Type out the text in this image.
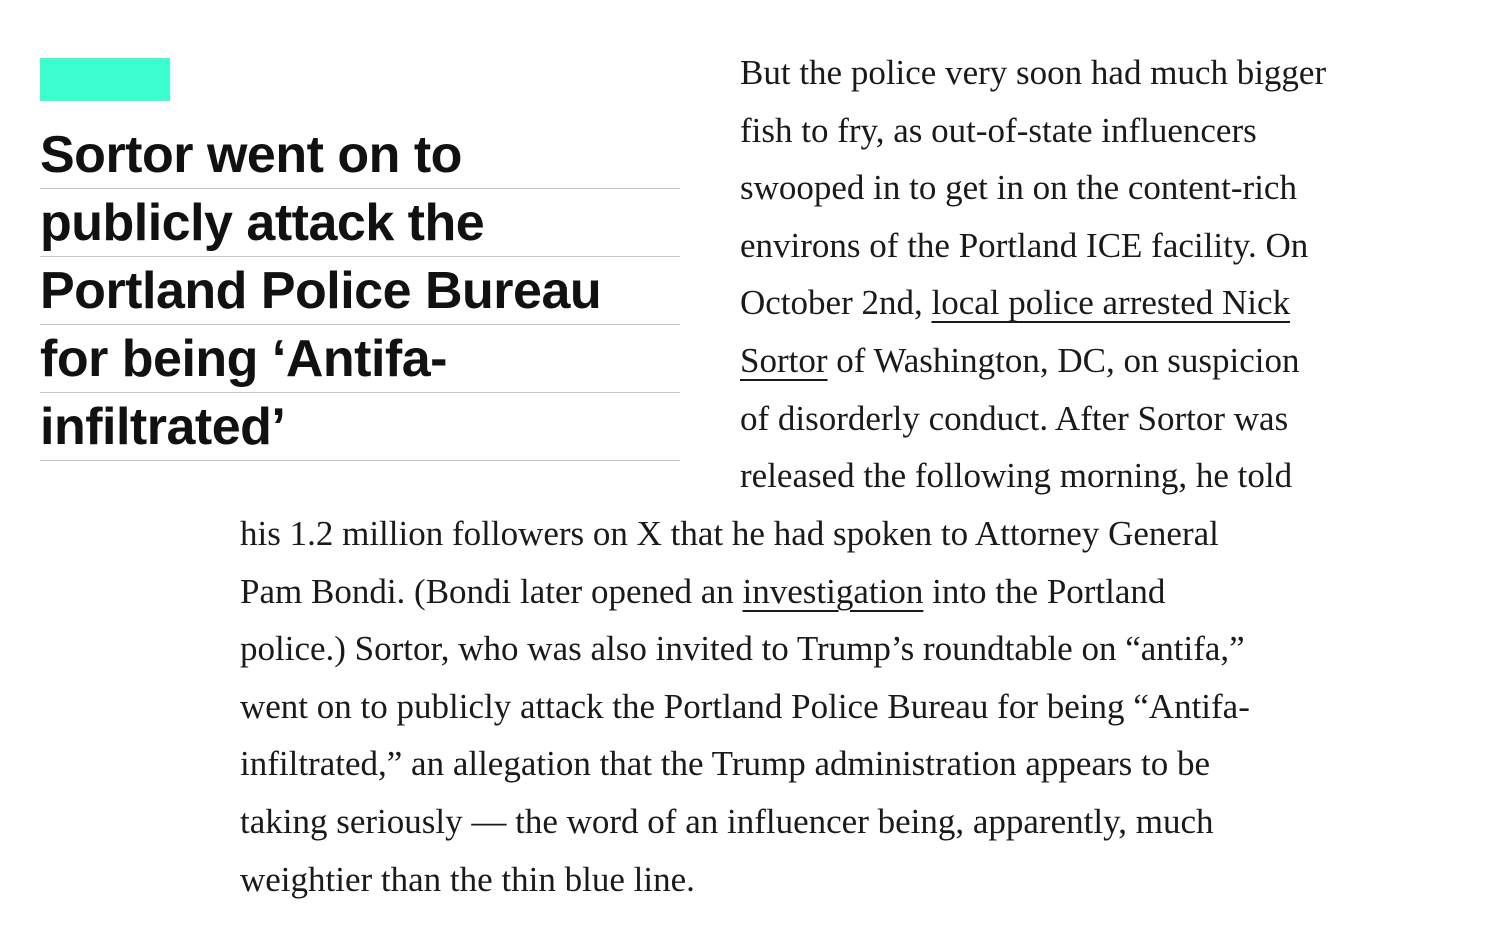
Sortor went on to
publicly attack the
Portland Police Bureau
for being ‘Antifa-
infiltrated’
But the police very soon had much bigger
fish to fry, as out-of-state influencers
swooped in to get in on the content-rich
environs of the Portland ICE facility. On
October 2nd, local police arrested Nick
Sortor of Washington, DC, on suspicion
of disorderly conduct. After Sortor was
released the following morning, he told
his 1.2 million followers on X that he had spoken to Attorney General
Pam Bondi. (Bondi later opened an investigation into the Portland
police.) Sortor, who was also invited to Trump’s roundtable on “antifa,”
went on to publicly attack the Portland Police Bureau for being “Antifa-
infiltrated,” an allegation that the Trump administration appears to be
taking seriously — the word of an influencer being, apparently, much
weightier than the thin blue line.
